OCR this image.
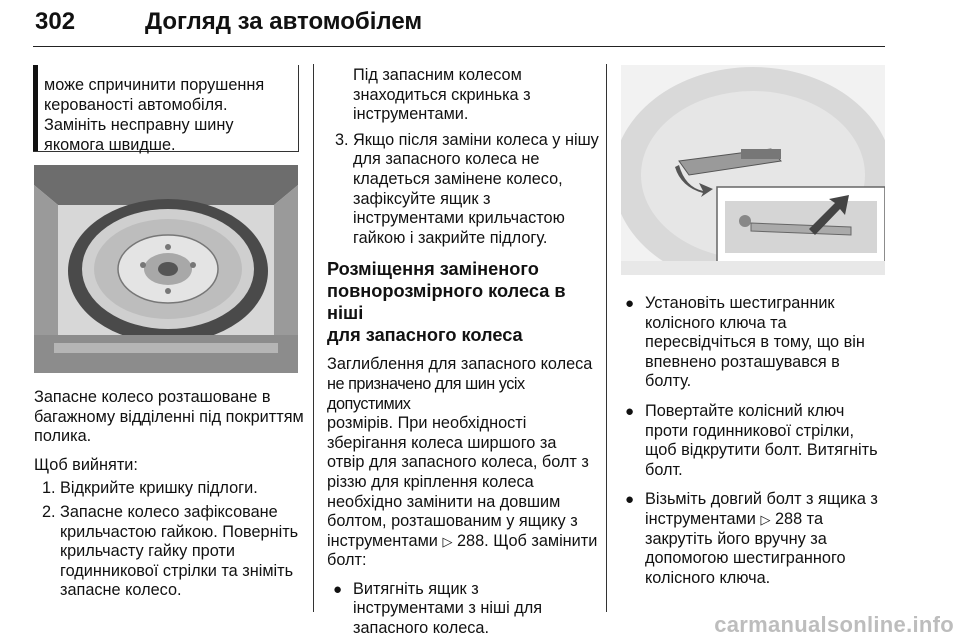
302	Догляд за автомобілем
може спричинити порушення
керованості автомобіля.
Замініть несправну шину
якомога швидше.

Запасне колесо розташоване в
багажному відділенні під покриттям
полика.

Щоб вийняти:

1. Відкрийте кришку підлоги.
2. Запасне колесо зафіксоване
крильчастою гайкою. Поверніть
крильчасту гайку проти
годинникової стрілки та зніміть
запасне колесо.

Під запасним колесом
знаходиться скринька з
інструментами.

3. Якщо після заміни колеса у нішу
для запасного колеса не
кладеться замінене колесо,
зафіксуйте ящик з
інструментами крильчастою
гайкою і закрийте підлогу.
Розміщення заміненого
повнорозмірного колеса в ніші
для запасного колеса

Заглиблення для запасного колеса
не призначено для шин усіх допустимих
розмірів. При необхідності
зберігання колеса ширшого за
отвір для запасного колеса, болт з
різзю для кріплення колеса
необхідно замінити на довшим
болтом, розташованим у ящику з
інструментами ▷ 288. Щоб замінити
болт:

● Витягніть ящик з
інструментами з ніші для
запасного колеса.
● Установіть шестигранник
колісного ключа та
пересвідчіться в тому, що він
впевнено розташувався в
болту.
● Повертайте колісний ключ
проти годинникової стрілки,
щоб відкрутити болт. Витягніть
болт.
● Візьміть довгий болт з ящика з
інструментами ▷ 288 та
закрутіть його вручну за
допомогою шестигранного
колісного ключа.
carmanualsonline.info
